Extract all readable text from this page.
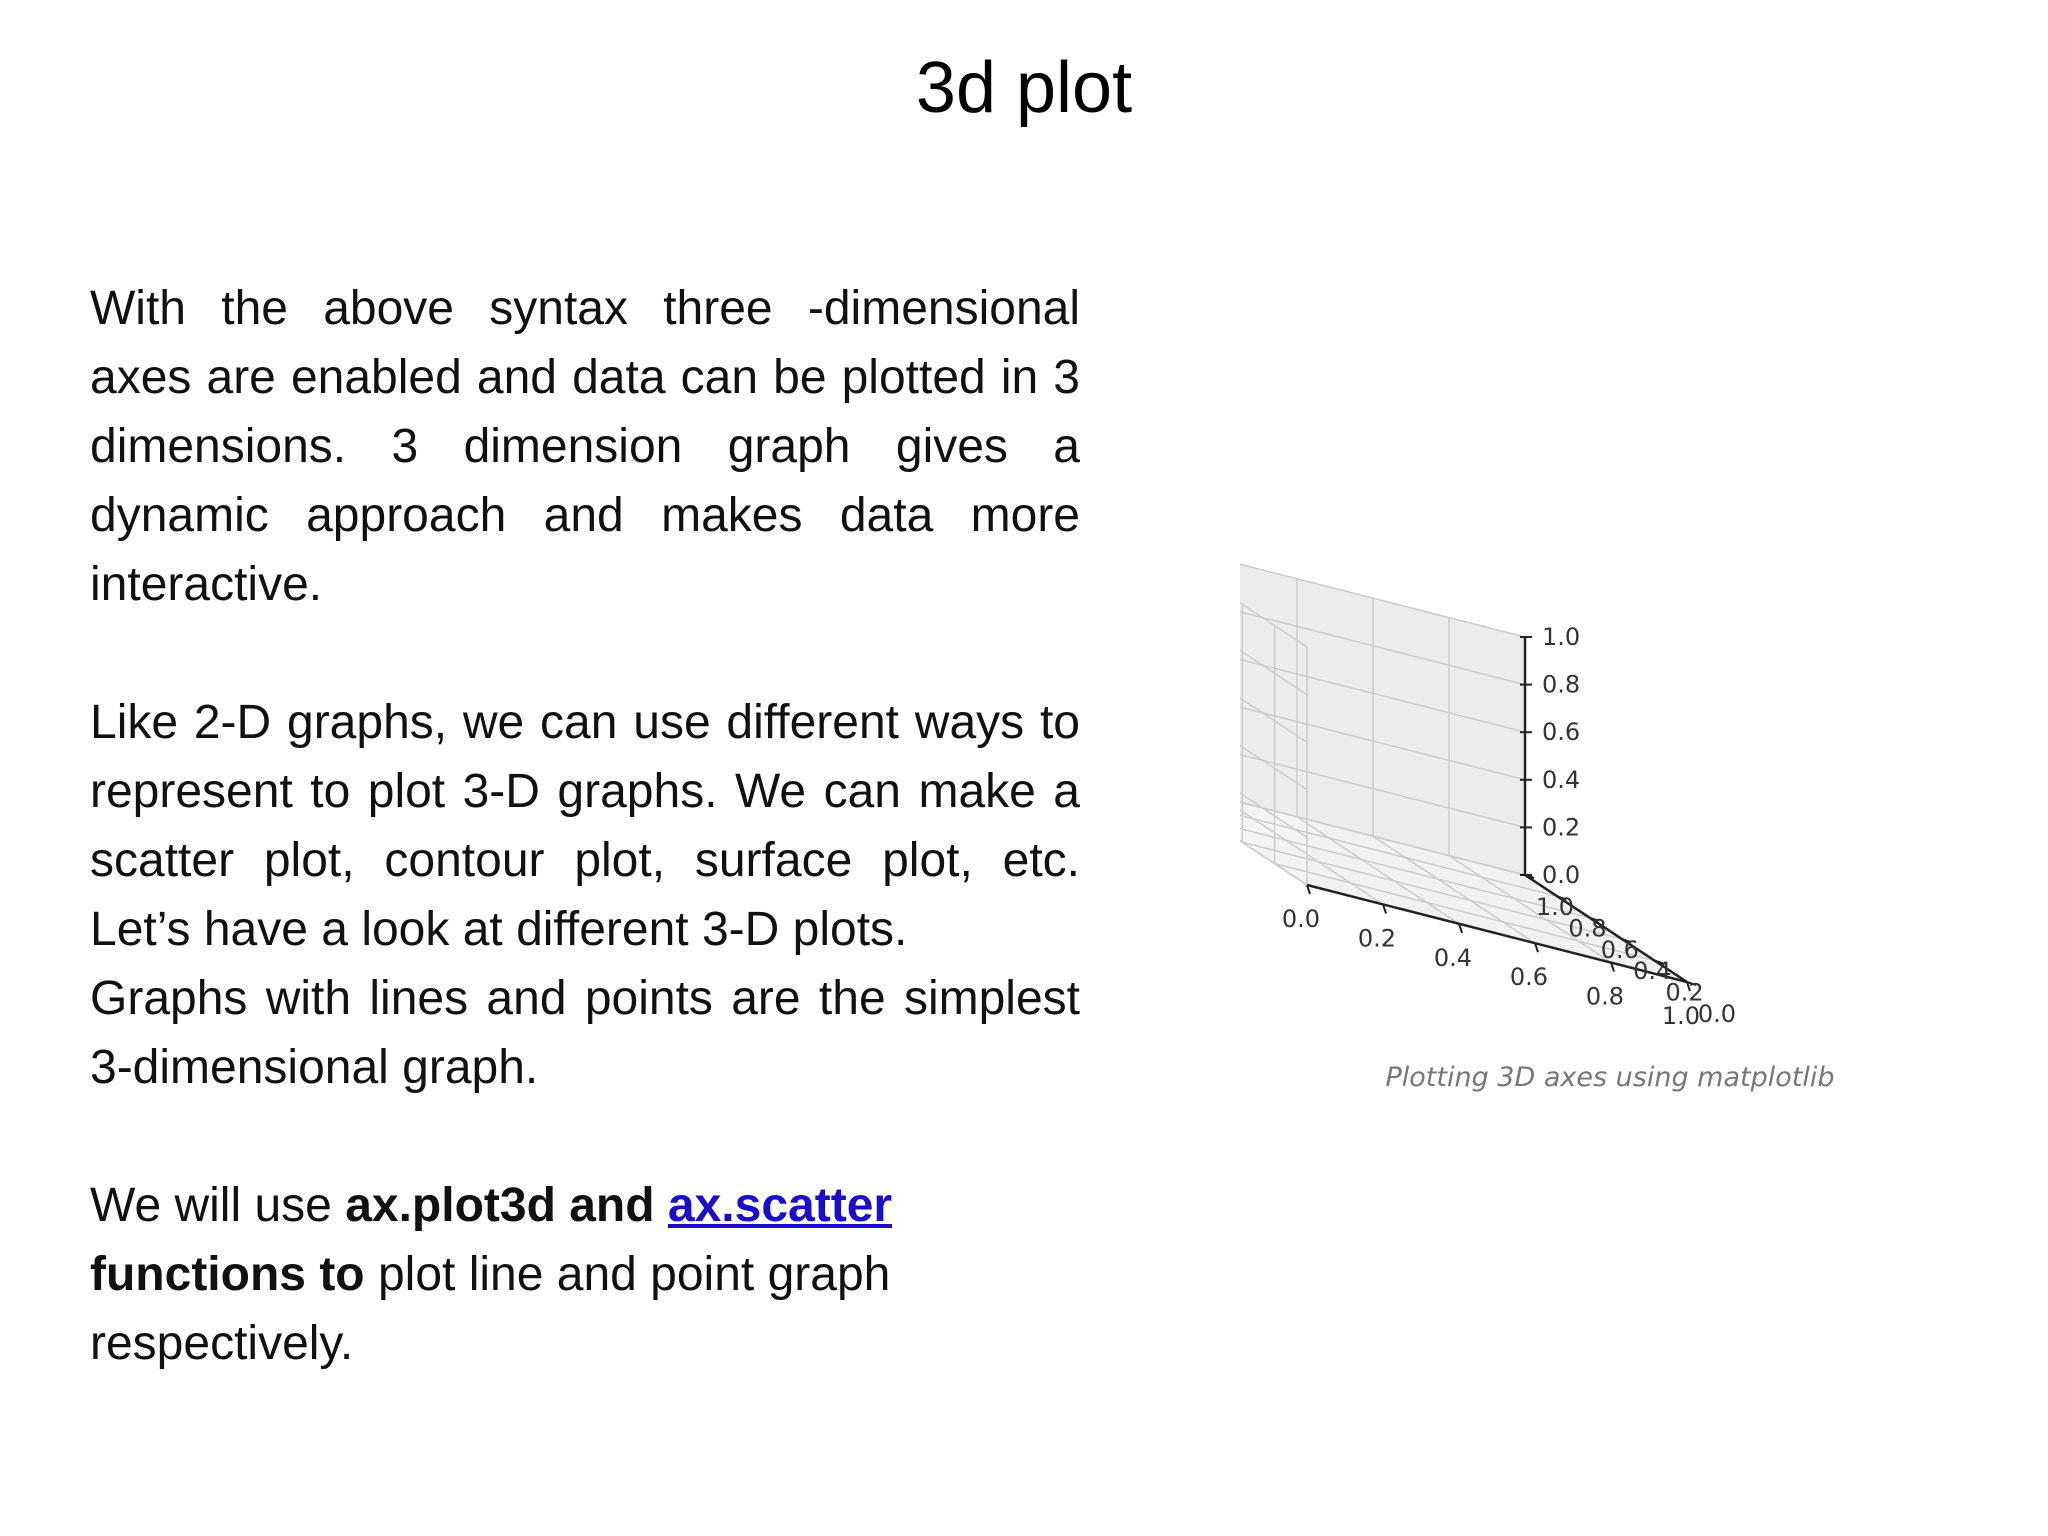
3d plot

With the above syntax three -dimensional axes are enabled and data can be plotted in 3 dimensions. 3 dimension graph gives a dynamic approach and makes data more interactive.

Like 2-D graphs, we can use different ways to represent to plot 3-D graphs. We can make a scatter plot, contour plot, surface plot, etc. Let’s have a look at different 3-D plots.

Graphs with lines and points are the simplest 3-dimensional graph.

We will use ax.plot3d and ax.scatter
functions to plot line and point graph respectively.

0.0
0.2
0.4
0.6
0.8
1.0
0.0
0.2
0.4
0.6
0.8
1.0
0.0
0.2
0.4
0.6
0.8
1.0
Plotting 3D axes using matplotlib
